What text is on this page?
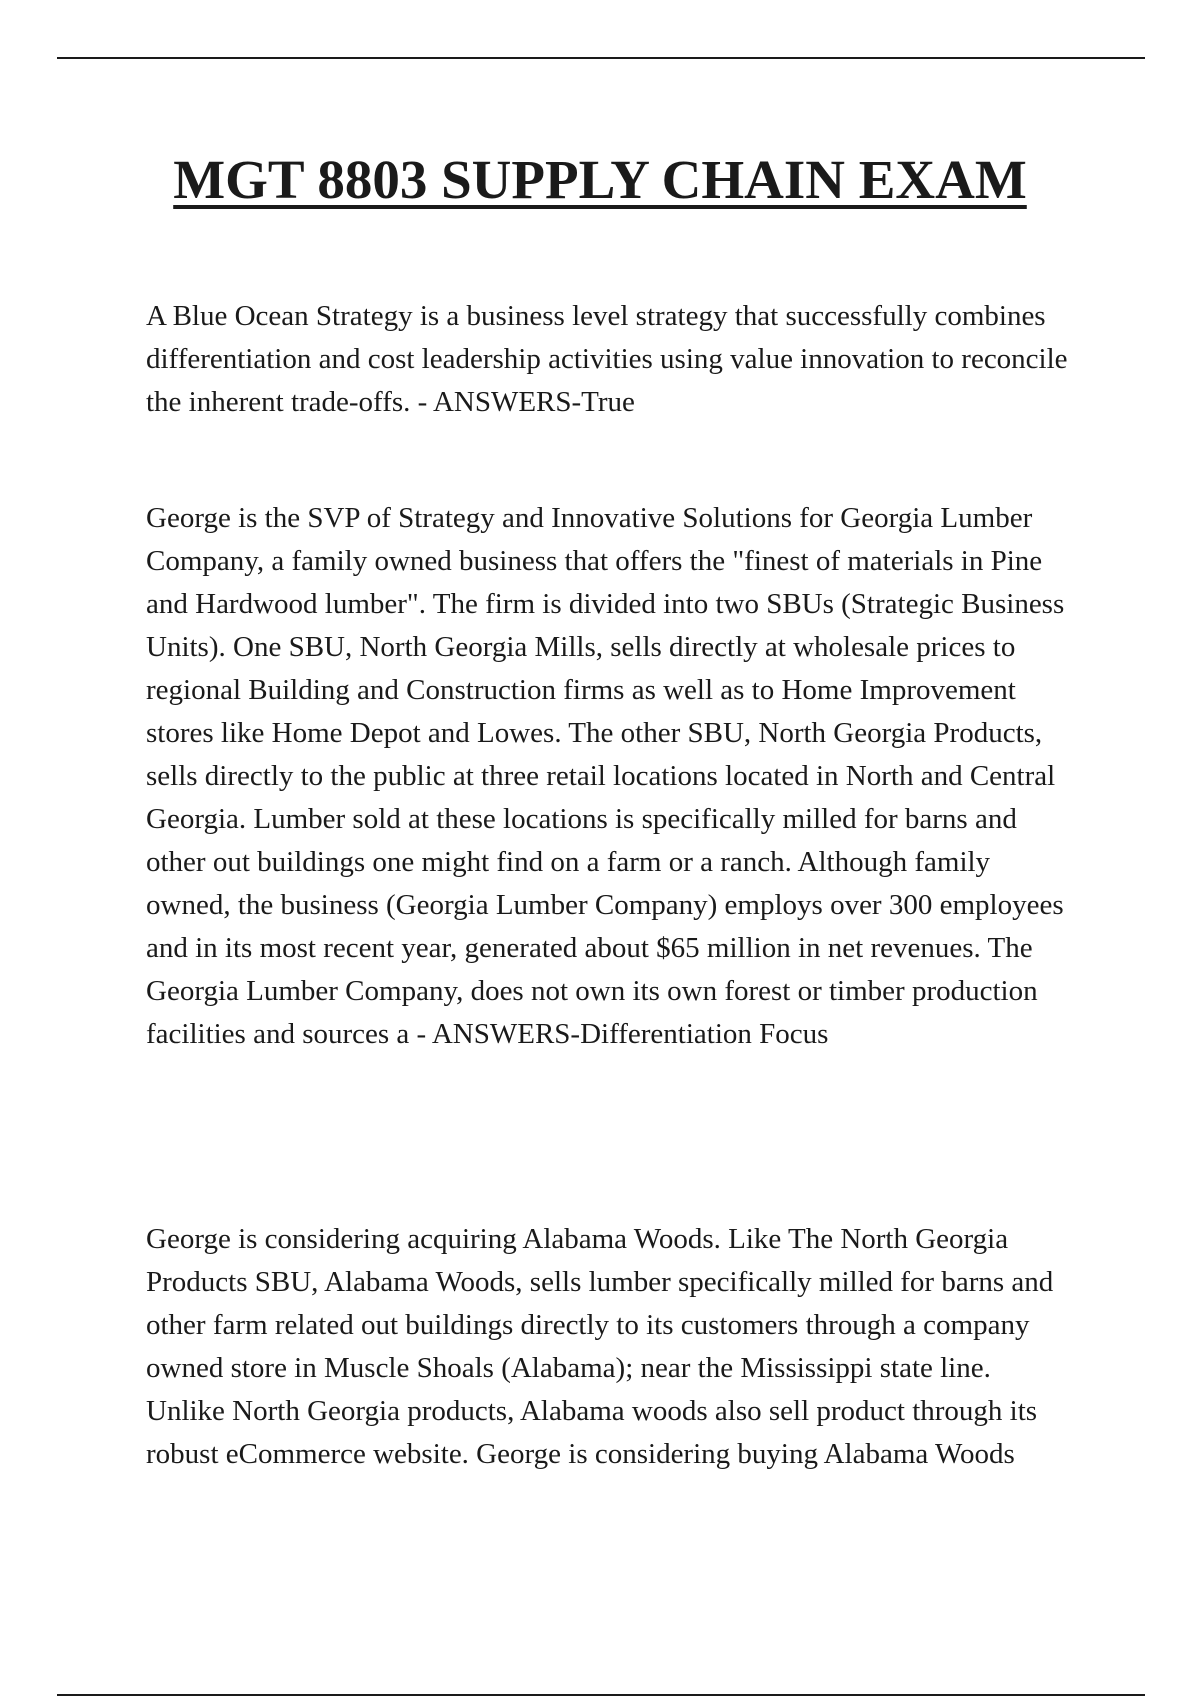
MGT 8803 SUPPLY CHAIN EXAM

A Blue Ocean Strategy is a business level strategy that successfully combines differentiation and cost leadership activities using value innovation to reconcile the inherent trade-offs. - ANSWERS-True

George is the SVP of Strategy and Innovative Solutions for Georgia Lumber Company, a family owned business that offers the "finest of materials in Pine and Hardwood lumber". The firm is divided into two SBUs (Strategic Business Units). One SBU, North Georgia Mills, sells directly at wholesale prices to regional Building and Construction firms as well as to Home Improvement stores like Home Depot and Lowes. The other SBU, North Georgia Products, sells directly to the public at three retail locations located in North and Central Georgia. Lumber sold at these locations is specifically milled for barns and other out buildings one might find on a farm or a ranch. Although family owned, the business (Georgia Lumber Company) employs over 300 employees and in its most recent year, generated about $65 million in net revenues. The Georgia Lumber Company, does not own its own forest or timber production facilities and sources a - ANSWERS-Differentiation Focus

George is considering acquiring Alabama Woods. Like The North Georgia Products SBU, Alabama Woods, sells lumber specifically milled for barns and other farm related out buildings directly to its customers through a company owned store in Muscle Shoals (Alabama); near the Mississippi state line. Unlike North Georgia products, Alabama woods also sell product through its robust eCommerce website. George is considering buying Alabama Woods
